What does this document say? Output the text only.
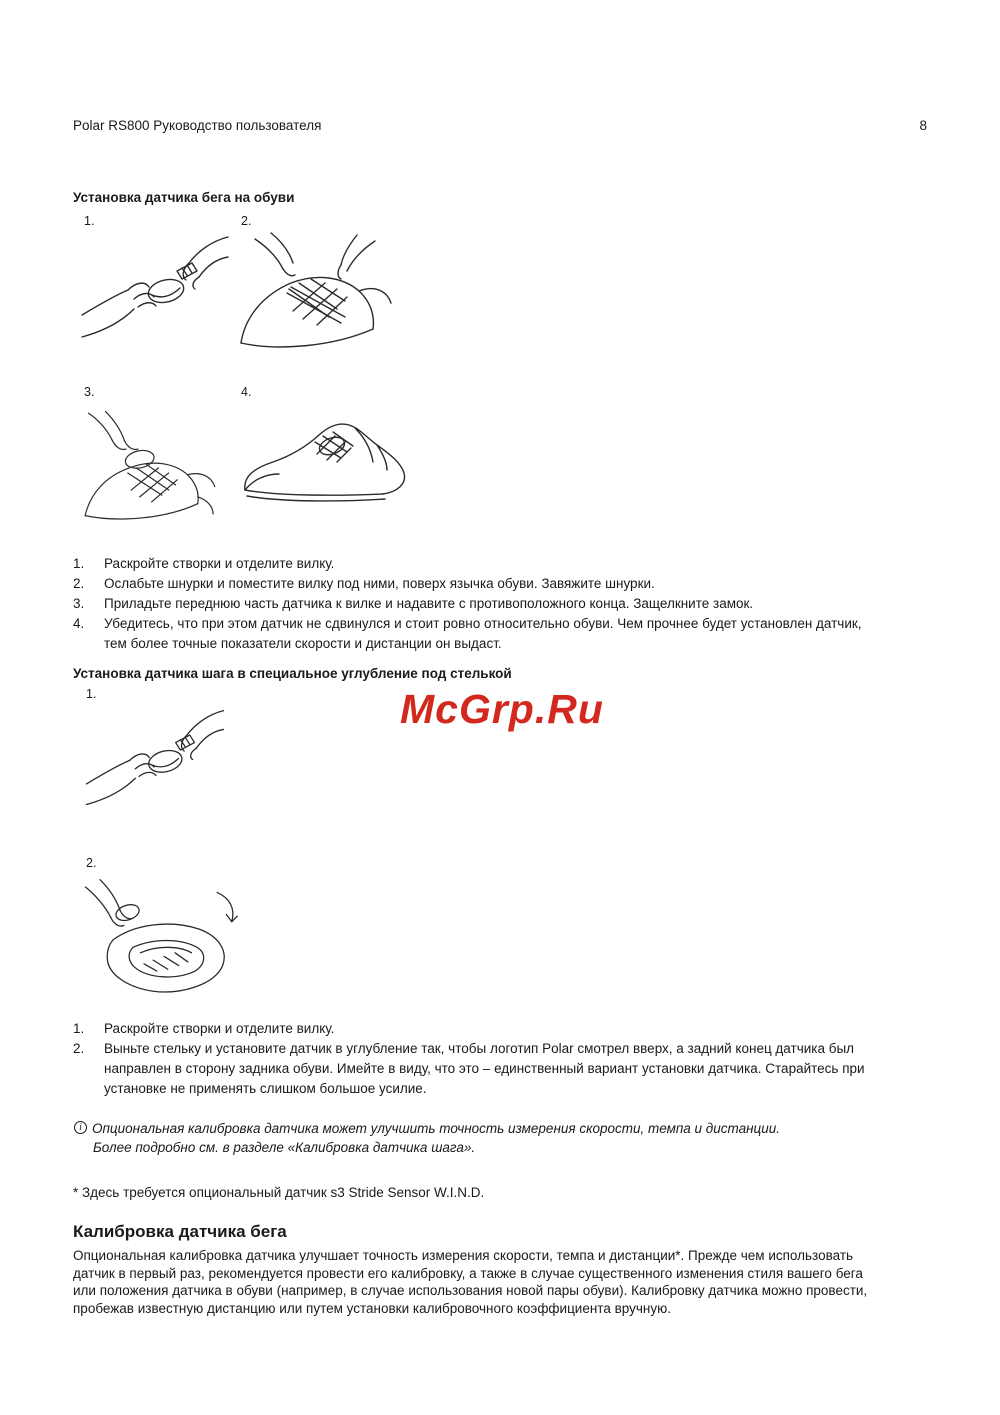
Polar RS800 Руководство пользователя	8
Установка датчика бега на обуви
1.	2.
3.	4.
1.	Раскройте створки и отделите вилку.
2.	Ослабьте шнурки и поместите вилку под ними, поверх язычка обуви. Завяжите шнурки.
3.	Приладьте переднюю часть датчика к вилке и надавите с противоположного конца. Защелкните замок.
4.	Убедитесь, что при этом датчик не сдвинулся и стоит ровно относительно обуви. Чем прочнее будет установлен датчик, тем более точные показатели скорости и дистанции он выдаст.
Установка датчика шага в специальное углубление под стелькой
1.
2.
McGrp.Ru
1.	Раскройте створки и отделите вилку.
2.	Выньте стельку и установите датчик в углубление так, чтобы логотип Polar смотрел вверх, а задний конец датчика был направлен в сторону задника обуви. Имейте в виду, что это – единственный вариант установки датчика. Старайтесь при установке не применять слишком большое усилие.
i Опциональная калибровка датчика может улучшить точность измерения скорости, темпа и дистанции.
Более подробно см. в разделе «Калибровка датчика шага».
* Здесь требуется опциональный датчик s3 Stride Sensor W.I.N.D.
Калибровка датчика бега

Опциональная калибровка датчика улучшает точность измерения скорости, темпа и дистанции*. Прежде чем использовать датчик в первый раз, рекомендуется провести его калибровку, а также в случае существенного изменения стиля вашего бега или положения датчика в обуви (например, в случае использования новой пары обуви). Калибровку датчика можно провести, пробежав известную дистанцию или путем установки калибровочного коэффициента вручную.
